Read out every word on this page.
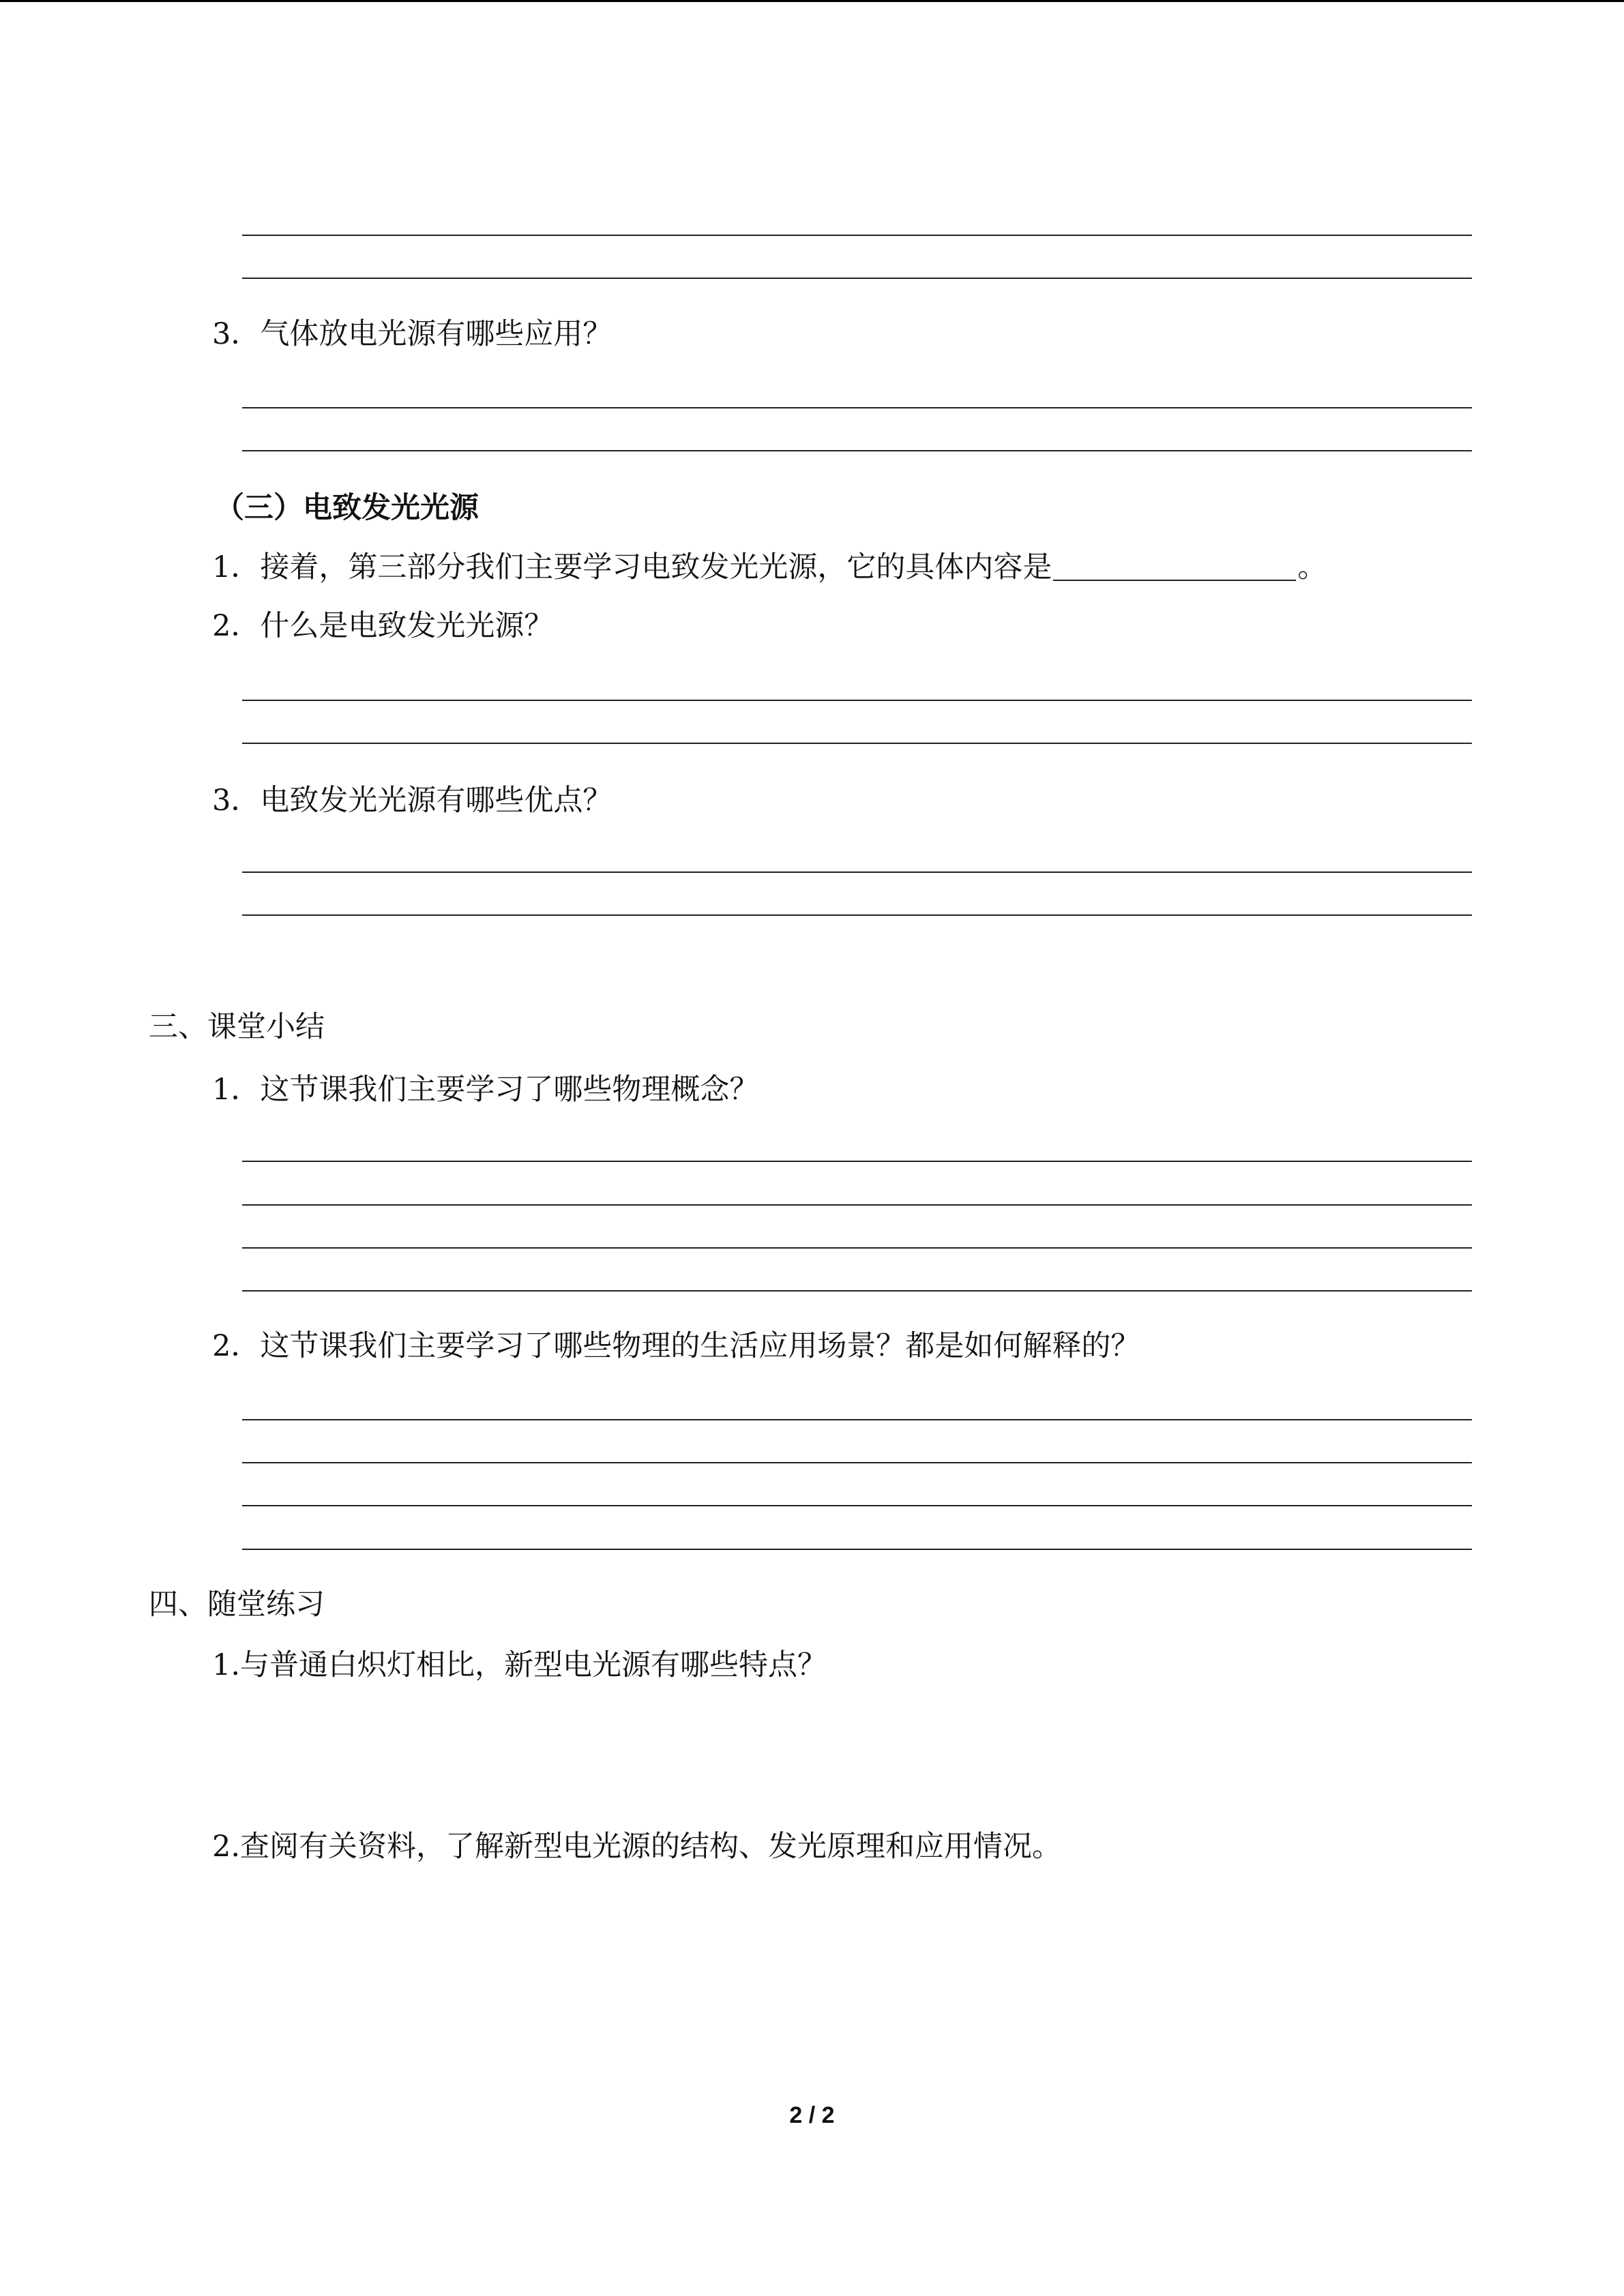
3．气体放电光源有哪些应用？
（三）电致发光光源
1．接着，第三部分我们主要学习电致发光光源，它的具体内容是	。
2．什么是电致发光光源？
3．电致发光光源有哪些优点？
三、课堂小结
1．这节课我们主要学习了哪些物理概念？
2．这节课我们主要学习了哪些物理的生活应用场景？都是如何解释的？
四、随堂练习
1.与普通白炽灯相比，新型电光源有哪些特点？
2.查阅有关资料，了解新型电光源的结构、发光原理和应用情况。
2 / 2
